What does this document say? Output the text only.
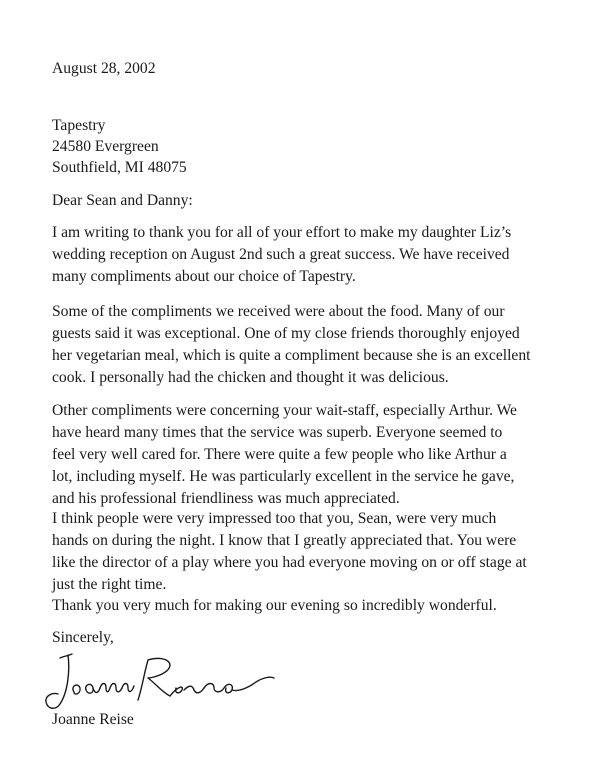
August 28, 2002
Tapestry
24580 Evergreen
Southfield, MI 48075
Dear Sean and Danny:
I am writing to thank you for all of your effort to make my daughter Liz’s
wedding reception on August 2nd such a great success. We have received
many compliments about our choice of Tapestry.
Some of the compliments we received were about the food. Many of our
guests said it was exceptional. One of my close friends thoroughly enjoyed
her vegetarian meal, which is quite a compliment because she is an excellent
cook. I personally had the chicken and thought it was delicious.
Other compliments were concerning your wait-staff, especially Arthur. We
have heard many times that the service was superb. Everyone seemed to
feel very well cared for. There were quite a few people who like Arthur a
lot, including myself. He was particularly excellent in the service he gave,
and his professional friendliness was much appreciated.
I think people were very impressed too that you, Sean, were very much
hands on during the night. I know that I greatly appreciated that. You were
like the director of a play where you had everyone moving on or off stage at
just the right time.
Thank you very much for making our evening so incredibly wonderful.
Sincerely,
Joanne Reise
